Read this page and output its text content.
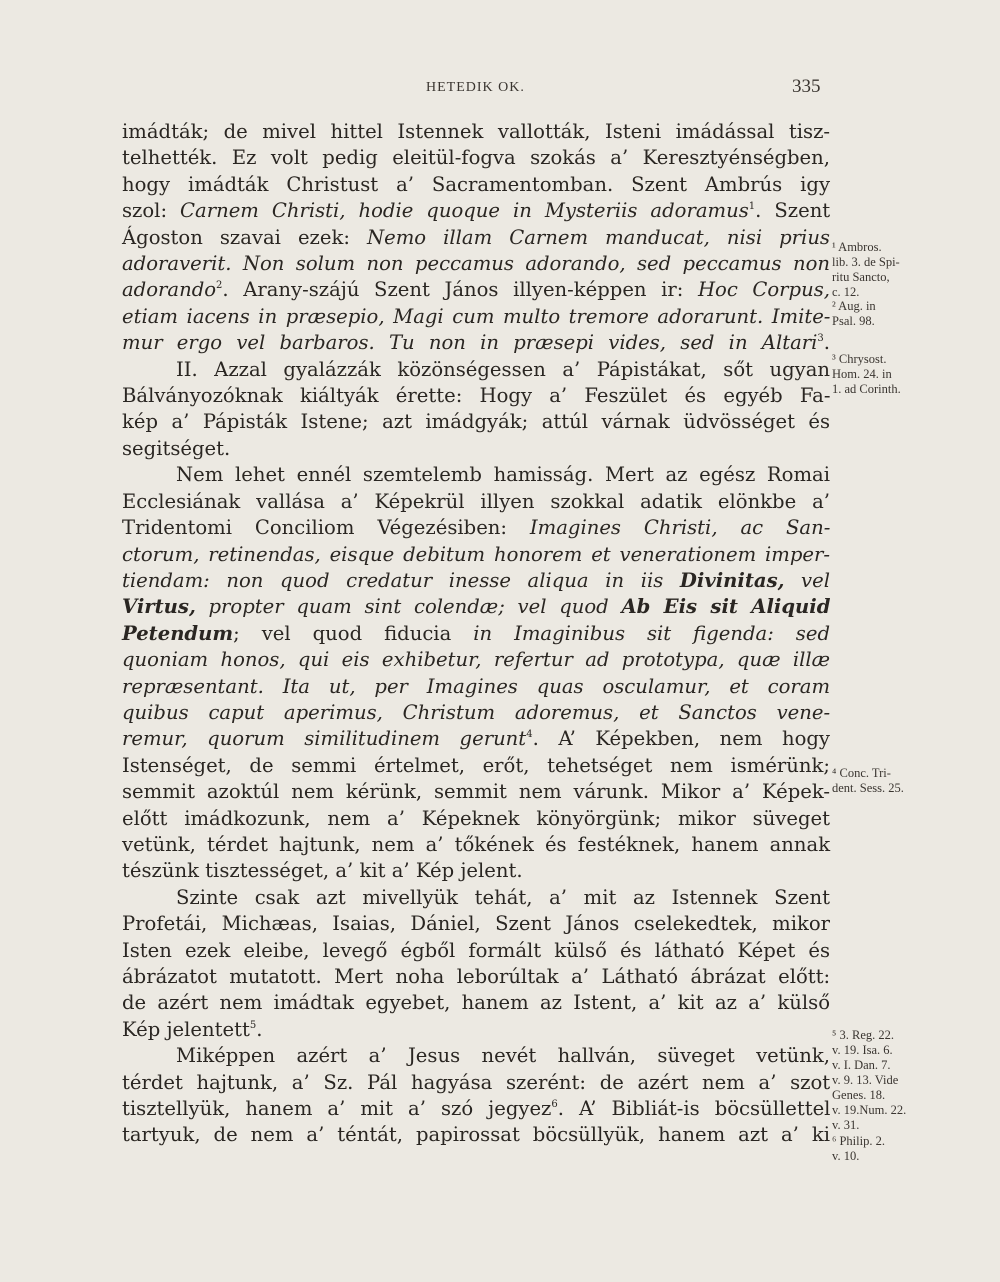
HETEDIK OK.	335
imádták; de mivel hittel Istennek vallották, Isteni imádással tisz-
telhették. Ez volt pedig eleitül-fogva szokás a’ Keresztyénségben,
hogy imádták Christust a’ Sacramentomban. Szent Ambrús igy
szol: Carnem Christi, hodie quoque in Mysteriis adoramus$^1$. Szent
Ágoston szavai ezek: Nemo illam Carnem manducat, nisi prius
adoraverit. Non solum non peccamus adorando, sed peccamus non
adorando$^2$. Arany-szájú Szent János illyen-képpen ir: Hoc Corpus,
etiam iacens in præsepio, Magi cum multo tremore adorarunt. Imite-
mur ergo vel barbaros. Tu non in præsepi vides, sed in Altari$^3$.
II. Azzal gyalázzák közönségessen a’ Pápistákat, sőt ugyan
Bálványozóknak kiáltyák érette: Hogy a’ Feszület és egyéb Fa-
kép a’ Pápisták Istene; azt imádgyák; attúl várnak üdvösséget és
segitséget.
Nem lehet ennél szemtelemb hamisság. Mert az egész Romai
Ecclesiának vallása a’ Képekrül illyen szokkal adatik elönkbe a’
Tridentomi Conciliom Végezésiben: Imagines Christi, ac San-
ctorum, retinendas, eisque debitum honorem et venerationem imper-
tiendam: non quod credatur inesse aliqua in iis Divinitas, vel
Virtus, propter quam sint colendæ; vel quod Ab Eis sit Aliquid
Petendum; vel quod fiducia in Imaginibus sit figenda: sed
quoniam honos, qui eis exhibetur, refertur ad prototypa, quæ illæ
repræsentant. Ita ut, per Imagines quas osculamur, et coram
quibus caput aperimus, Christum adoremus, et Sanctos vene-
remur, quorum similitudinem gerunt$^4$. A’ Képekben, nem hogy
Istenséget, de semmi értelmet, erőt, tehetséget nem ismérünk;
semmit azoktúl nem kérünk, semmit nem várunk. Mikor a’ Képek-
előtt imádkozunk, nem a’ Képeknek könyörgünk; mikor süveget
vetünk, térdet hajtunk, nem a’ tőkének és festéknek, hanem annak
tészünk tisztességet, a’ kit a’ Kép jelent.
Szinte csak azt mivellyük tehát, a’ mit az Istennek Szent
Profetái, Michæas, Isaias, Dániel, Szent János cselekedtek, mikor
Isten ezek eleibe, levegő égből formált külső és látható Képet és
ábrázatot mutatott. Mert noha leborúltak a’ Látható ábrázat előtt:
de azért nem imádtak egyebet, hanem az Istent, a’ kit az a’ külső
Kép jelentett$^5$.
Miképpen azért a’ Jesus nevét hallván, süveget vetünk,
térdet hajtunk, a’ Sz. Pál hagyása szerént: de azért nem a’ szot
tisztellyük, hanem a’ mit a’ szó jegyez$^6$. A’ Bibliát-is böcsüllettel
tartyuk, de nem a’ téntát, papirossat böcsüllyük, hanem azt a’ ki
¹ Ambros.
lib. 3. de Spi-
ritu Sancto,
c. 12.
² Aug. in
Psal. 98.
³ Chrysost.
Hom. 24. in
1. ad Corinth.
⁴ Conc. Tri-
dent. Sess. 25.
⁵ 3. Reg. 22.
v. 19. Isa. 6.
v. I. Dan. 7.
v. 9. 13. Vide
Genes. 18.
v. 19.Num. 22.
v. 31.
⁶ Philip. 2.
v. 10.
